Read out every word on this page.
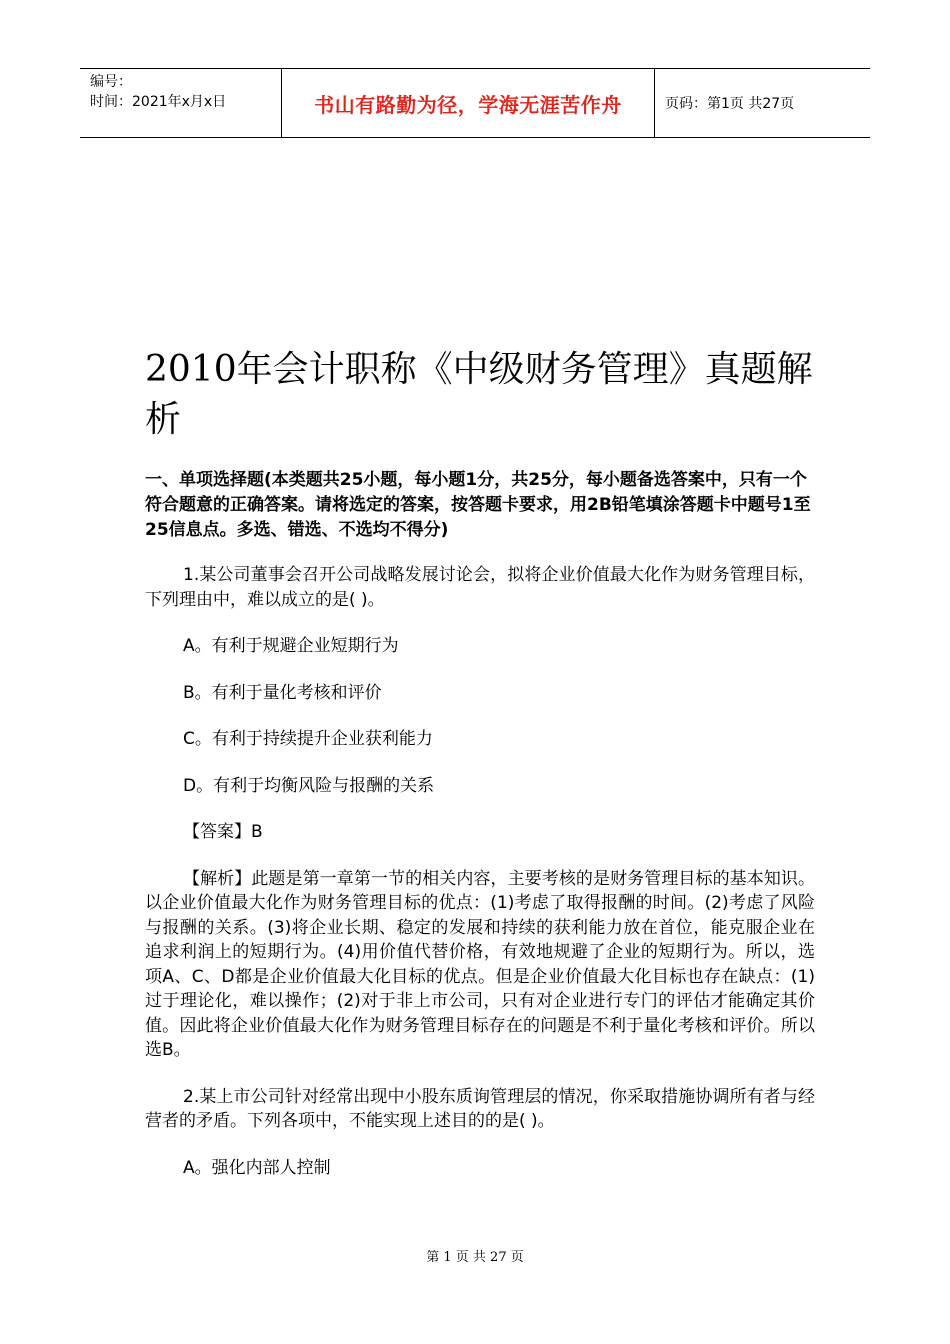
编号：
时间：2021年x月x日	书山有路勤为径，学海无涯苦作舟	页码：第1页 共27页
2010年会计职称《中级财务管理》真题解析
一、单项选择题(本类题共25小题，每小题1分，共25分，每小题备选答案中，只有一个符合题意的正确答案。请将选定的答案，按答题卡要求，用2B铅笔填涂答题卡中题号1至25信息点。多选、错选、不选均不得分)
1.某公司董事会召开公司战略发展讨论会，拟将企业价值最大化作为财务管理目标，下列理由中，难以成立的是( )。
A。有利于规避企业短期行为
B。有利于量化考核和评价
C。有利于持续提升企业获利能力
D。有利于均衡风险与报酬的关系
【答案】B
【解析】此题是第一章第一节的相关内容，主要考核的是财务管理目标的基本知识。以企业价值最大化作为财务管理目标的优点：(1)考虑了取得报酬的时间。(2)考虑了风险与报酬的关系。(3)将企业长期、稳定的发展和持续的获利能力放在首位，能克服企业在追求利润上的短期行为。(4)用价值代替价格，有效地规避了企业的短期行为。所以，选项A、C、D都是企业价值最大化目标的优点。但是企业价值最大化目标也存在缺点：(1)过于理论化，难以操作；(2)对于非上市公司，只有对企业进行专门的评估才能确定其价值。因此将企业价值最大化作为财务管理目标存在的问题是不利于量化考核和评价。所以选B。
2.某上市公司针对经常出现中小股东质询管理层的情况，你采取措施协调所有者与经营者的矛盾。下列各项中，不能实现上述目的的是( )。
A。强化内部人控制
第 1 页 共 27 页
